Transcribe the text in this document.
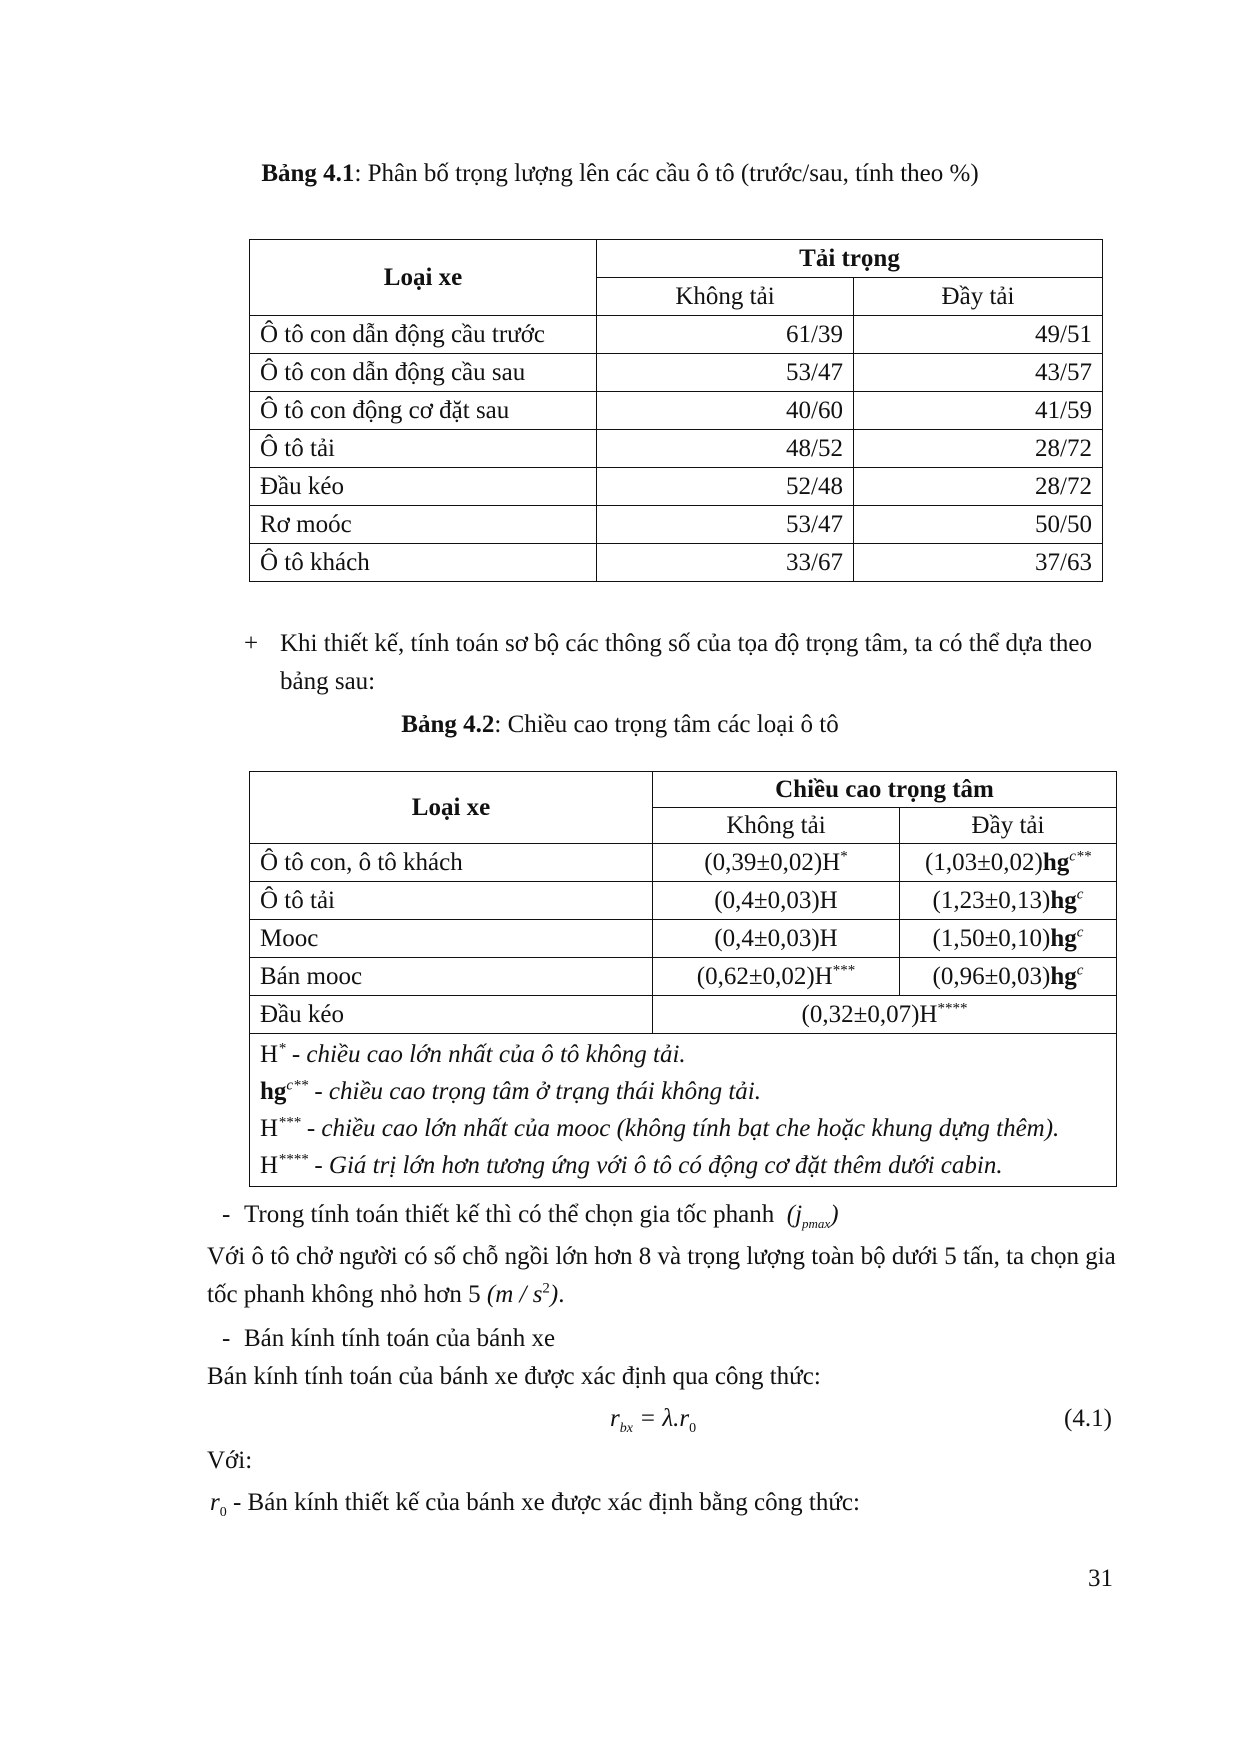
Bảng 4.1: Phân bố trọng lượng lên các cầu ô tô (trước/sau, tính theo %)
Loại xe	Tải trọng	
	Không tải	Đầy tải
Ô tô con dẫn động cầu trước	61/39	49/51
Ô tô con dẫn động cầu sau	53/47	43/57
Ô tô con động cơ đặt sau	40/60	41/59
Ô tô tải	48/52	28/72
Đầu kéo	52/48	28/72
Rơ moóc	53/47	50/50
Ô tô khách	33/67	37/63
+ Khi thiết kế, tính toán sơ bộ các thông số của tọa độ trọng tâm, ta có thể dựa theo bảng sau:
Bảng 4.2: Chiều cao trọng tâm các loại ô tô
Loại xe	Chiều cao trọng tâm	
	Không tải	Đầy tải
Ô tô con, ô tô khách	(0,39±0,02)H*	$(1,03\pm 0,02)hg^{c**}$
Ô tô tải	(0,4±0,03)H	$(1,23\pm 0,13)hg^c$
Mooc	(0,4±0,03)H	$(1,50\pm 0,10)hg^c$
Bán mooc	(0,62±0,02)H***	$(0,96\pm 0,03)hg^c$
Đầu kéo	(0,32±0,07)H****

H* - chiều cao lớn nhất của ô tô không tải.
$hg^{c**}$ - chiều cao trọng tâm ở trạng thái không tải.
H*** - chiều cao lớn nhất của mooc (không tính bạt che hoặc khung dựng thêm).
H**** - Giá trị lớn hơn tương ứng với ô tô có động cơ đặt thêm dưới cabin.		
- Trong tính toán thiết kế thì có thể chọn gia tốc phanh  $(j_{pmax})$
Với ô tô chở người có số chỗ ngồi lớn hơn 8 và trọng lượng toàn bộ dưới 5 tấn, ta chọn gia tốc phanh không nhỏ hơn 5 $(m / s^2)$.
- Bán kính tính toán của bánh xe
Bán kính tính toán của bánh xe được xác định qua công thức:
$r_{bx} = \lambda.r_0$	(4.1)
Với:
$r_0$ - Bán kính thiết kế của bánh xe được xác định bằng công thức:
31
